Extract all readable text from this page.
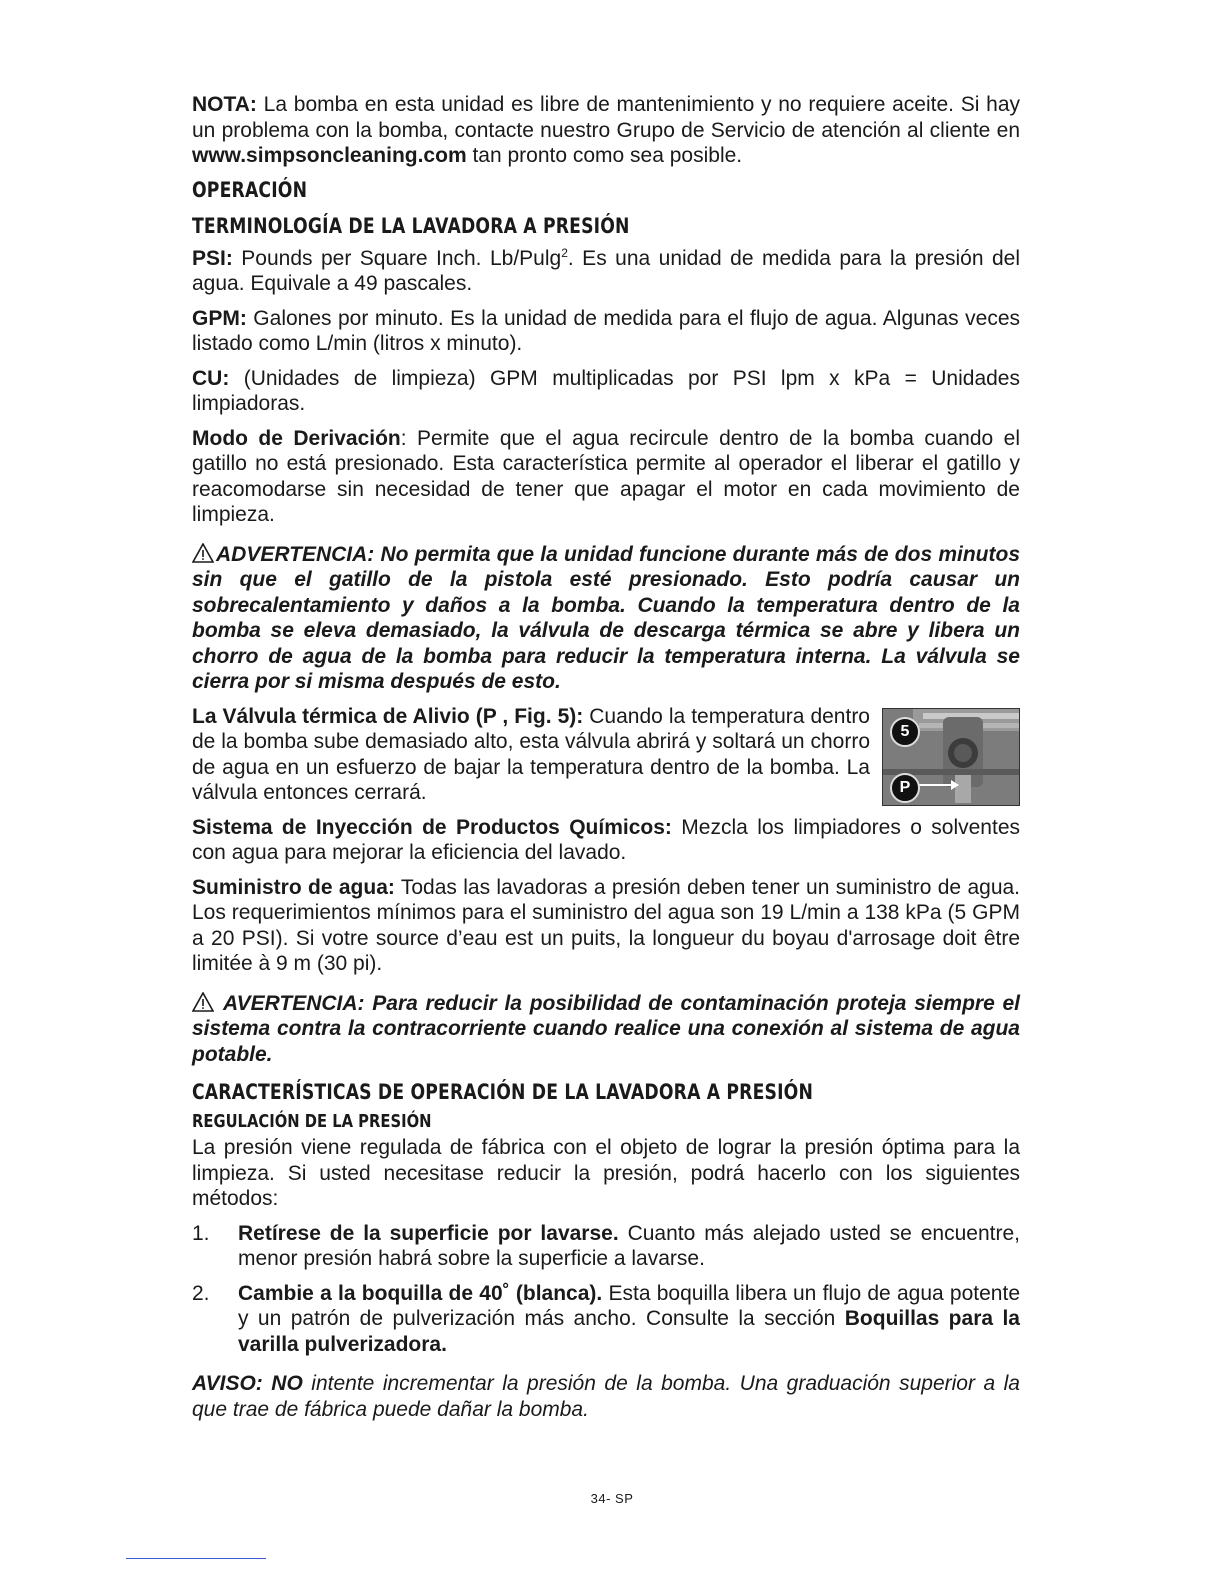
NOTA: La bomba en esta unidad es libre de mantenimiento y no requiere aceite. Si hay un problema con la bomba, contacte nuestro Grupo de Servicio de atención al cliente en www.simpsoncleaning.com tan pronto como sea posible.

OPERACIÓN
TERMINOLOGÍA DE LA LAVADORA A PRESIÓN

PSI: Pounds per Square Inch. Lb/Pulg$^2$. Es una unidad de medida para la presión del agua. Equivale a 49 pascales.

GPM: Galones por minuto. Es la unidad de medida para el flujo de agua. Algunas veces listado como L/min (litros x minuto).

CU: (Unidades de limpieza) GPM multiplicadas por PSI lpm x kPa = Unidades limpiadoras.

Modo de Derivación: Permite que el agua recircule dentro de la bomba cuando el gatillo no está presionado. Esta característica permite al operador el liberar el gatillo y reacomodarse sin necesidad de tener que apagar el motor en cada movimiento de limpieza.

ADVERTENCIA: No permita que la unidad funcione durante más de dos minutos sin que el gatillo de la pistola esté presionado. Esto podría causar un sobrecalentamiento y daños a la bomba. Cuando la temperatura dentro de la bomba se eleva demasiado, la válvula de descarga térmica se abre y libera un chorro de agua de la bomba para reducir la temperatura interna. La válvula se cierra por si misma después de esto.

5
P

La Válvula térmica de Alivio (P , Fig. 5): Cuando la temperatura dentro de la bomba sube demasiado alto, esta válvula abrirá y soltará un chorro de agua en un esfuerzo de bajar la temperatura dentro de la bomba. La válvula entonces cerrará.

Sistema de Inyección de Productos Químicos: Mezcla los limpiadores o solventes con agua para mejorar la eficiencia del lavado.

Suministro de agua: Todas las lavadoras a presión deben tener un suministro de agua. Los requerimientos mínimos para el suministro del agua son 19 L/min a 138 kPa (5 GPM a 20 PSI). Si votre source d’eau est un puits, la longueur du boyau d'arrosage doit être limitée à 9 m (30 pi).

AVERTENCIA: Para reducir la posibilidad de contaminación proteja siempre el sistema contra la contracorriente cuando realice una conexión al sistema de agua potable.

CARACTERÍSTICAS DE OPERACIÓN DE LA LAVADORA A PRESIÓN
REGULACIÓN DE LA PRESIÓN

La presión viene regulada de fábrica con el objeto de lograr la presión óptima para la limpieza. Si usted necesitase reducir la presión, podrá hacerlo con los siguientes métodos:

1. Retírese de la superficie por lavarse. Cuanto más alejado usted se encuentre, menor presión habrá sobre la superficie a lavarse.
2. Cambie a la boquilla de 40˚ (blanca). Esta boquilla libera un flujo de agua potente y un patrón de pulverización más ancho. Consulte la sección Boquillas para la varilla pulverizadora.

AVISO: NO intente incrementar la presión de la bomba. Una graduación superior a la que trae de fábrica puede dañar la bomba.

34- SP
